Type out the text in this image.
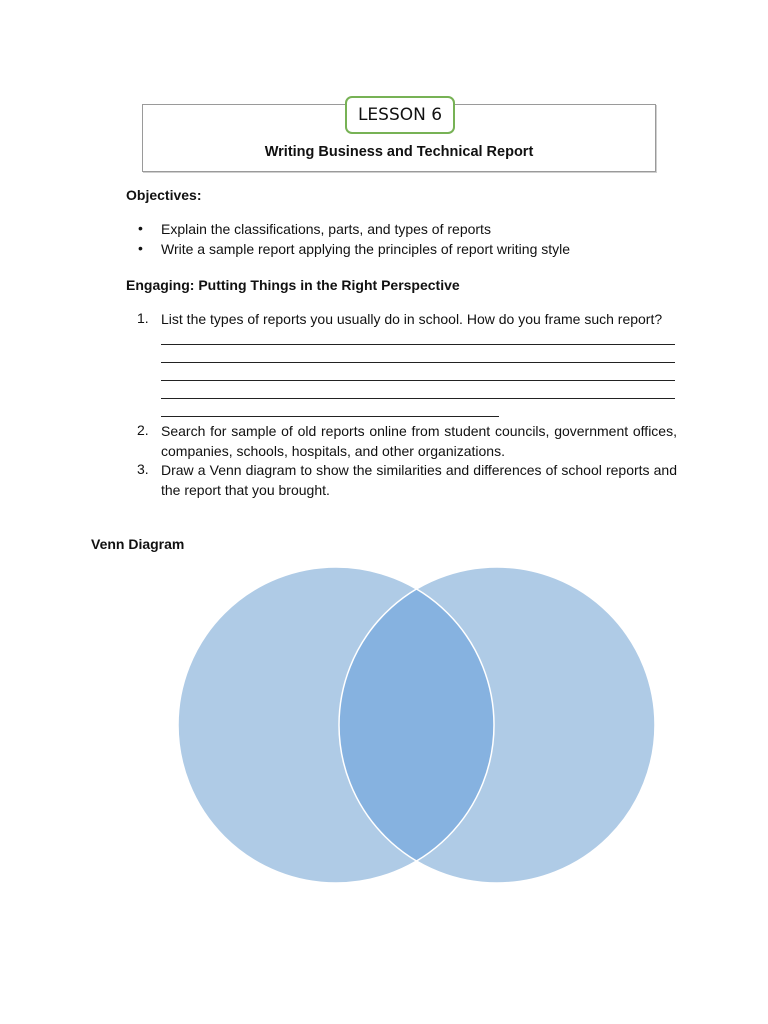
LESSON 6
Writing Business and Technical Report
Objectives:
• Explain the classifications, parts, and types of reports
• Write a sample report applying the principles of report writing style
Engaging: Putting Things in the Right Perspective
1. List the types of reports you usually do in school. How do you frame such report?
2. Search for sample of old reports online from student councils, government offices, companies, schools, hospitals, and other organizations.
3. Draw a Venn diagram to show the similarities and differences of school reports and the report that you brought.
Venn Diagram
